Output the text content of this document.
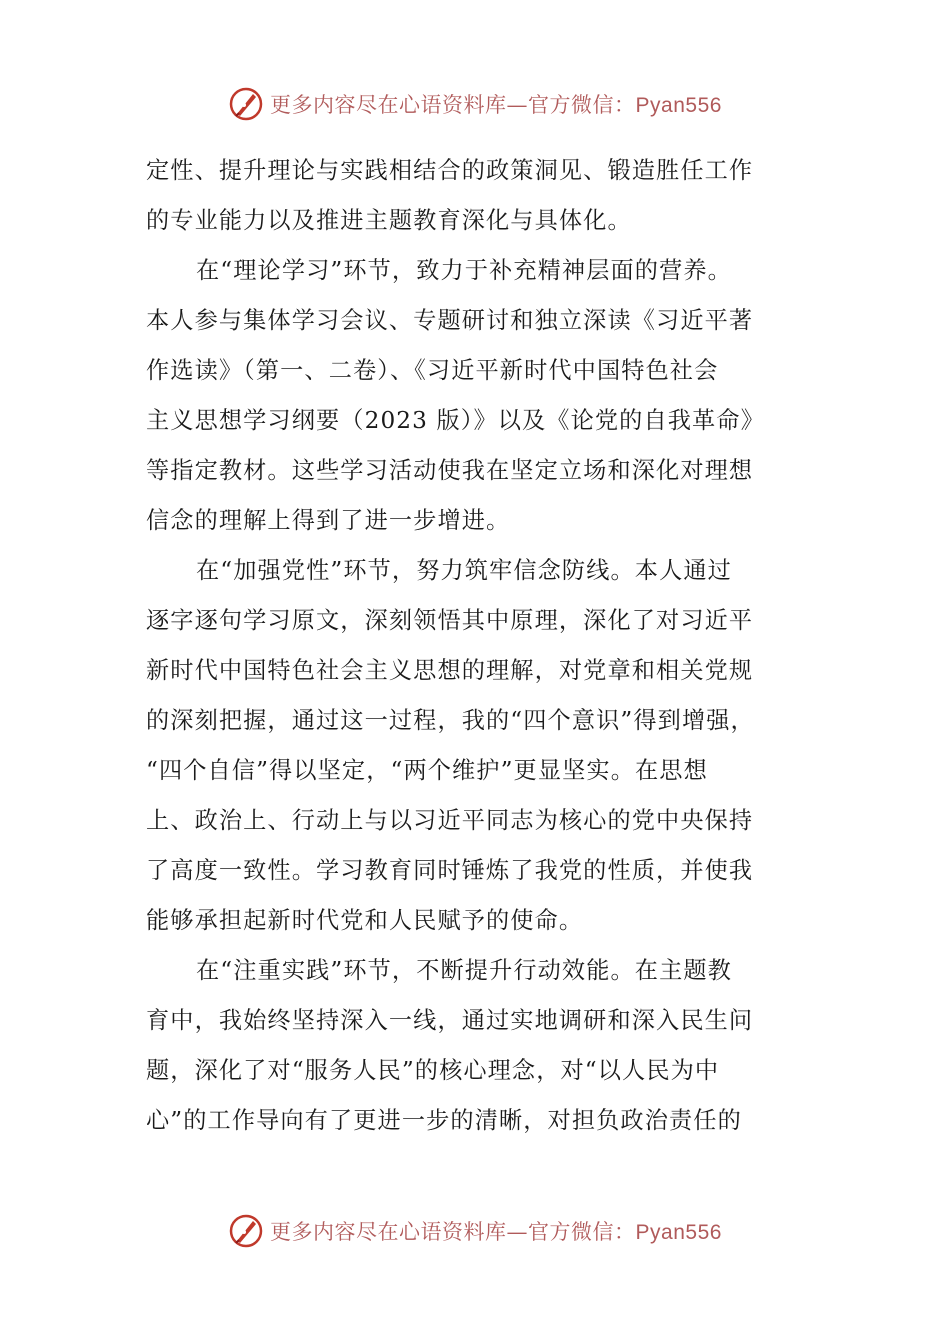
更多内容尽在心语资料库—官方微信：Pyan556
定性、提升理论与实践相结合的政策洞见、锻造胜任工作
的专业能力以及推进主题教育深化与具体化。
在“理论学习”环节，致力于补充精神层面的营养。
本人参与集体学习会议、专题研讨和独立深读《习近平著
作选读》（第一、二卷）、《习近平新时代中国特色社会
主义思想学习纲要（2023 版）》以及《论党的自我革命》
等指定教材。这些学习活动使我在坚定立场和深化对理想
信念的理解上得到了进一步增进。
在“加强党性”环节，努力筑牢信念防线。本人通过
逐字逐句学习原文，深刻领悟其中原理，深化了对习近平
新时代中国特色社会主义思想的理解，对党章和相关党规
的深刻把握，通过这一过程，我的“四个意识”得到增强，
“四个自信”得以坚定，“两个维护”更显坚实。在思想
上、政治上、行动上与以习近平同志为核心的党中央保持
了高度一致性。学习教育同时锤炼了我党的性质，并使我
能够承担起新时代党和人民赋予的使命。
在“注重实践”环节，不断提升行动效能。在主题教
育中，我始终坚持深入一线，通过实地调研和深入民生问
题，深化了对“服务人民”的核心理念，对“以人民为中
心”的工作导向有了更进一步的清晰，对担负政治责任的
更多内容尽在心语资料库—官方微信：Pyan556
